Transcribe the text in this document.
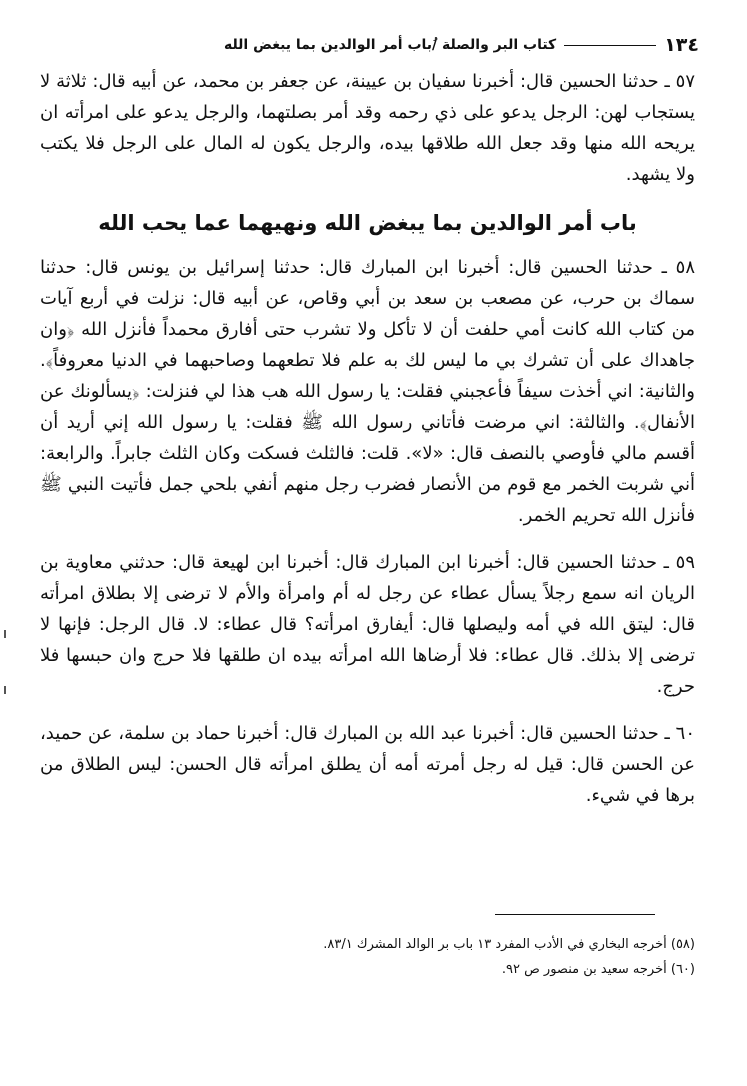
١٣٤
كتاب البر والصلة /ُباب أمر الوالدين بما يبغض الله

٥٧ ـ حدثنا الحسين قال: أخبرنا سفيان بن عيينة، عن جعفر بن محمد، عن أبيه قال: ثلاثة لا يستجاب لهن: الرجل يدعو على ذي رحمه وقد أمر بصلتهما، والرجل يدعو على امرأته ان يريحه الله منها وقد جعل الله طلاقها بيده، والرجل يكون له المال على الرجل فلا يكتب ولا يشهد.

باب أمر الوالدين بما يبغض الله ونهيهما عما يحب الله

٥٨ ـ حدثنا الحسين قال: أخبرنا ابن المبارك قال: حدثنا إسرائيل بن يونس قال: حدثنا سماك بن حرب، عن مصعب بن سعد بن أبي وقاص، عن أبيه قال: نزلت في أربع آيات من كتاب الله كانت أمي حلفت أن لا تأكل ولا تشرب حتى أفارق محمداً فأنزل الله ﴿وان جاهداك على أن تشرك بي ما ليس لك به علم فلا تطعهما وصاحبهما في الدنيا معروفاً﴾. والثانية: اني أخذت سيفاً فأعجبني فقلت: يا رسول الله هب هذا لي فنزلت: ﴿يسألونك عن الأنفال﴾. والثالثة: اني مرضت فأتاني رسول الله ﷺ فقلت: يا رسول الله إني أريد أن أقسم مالي فأوصي بالنصف قال: «لا». قلت: فالثلث فسكت وكان الثلث جابراً. والرابعة: أني شربت الخمر مع قوم من الأنصار فضرب رجل منهم أنفي بلحي جمل فأتيت النبي ﷺ فأنزل الله تحريم الخمر.

٥٩ ـ حدثنا الحسين قال: أخبرنا ابن المبارك قال: أخبرنا ابن لهيعة قال: حدثني معاوية بن الريان انه سمع رجلاً يسأل عطاء عن رجل له أم وامرأة والأم لا ترضى إلا بطلاق امرأته قال: ليتق الله في أمه وليصلها قال: أيفارق امرأته؟ قال عطاء: لا. قال الرجل: فإنها لا ترضى إلا بذلك. قال عطاء: فلا أرضاها الله امرأته بيده ان طلقها فلا حرج وان حبسها فلا حرج.

٦٠ ـ حدثنا الحسين قال: أخبرنا عبد الله بن المبارك قال: أخبرنا حماد بن سلمة، عن حميد، عن الحسن قال: قيل له رجل أمرته أمه أن يطلق امرأته قال الحسن: ليس الطلاق من برها في شيء.

(٥٨) أخرجه البخاري في الأدب المفرد ١٣ باب بر الوالد المشرك ٨٣/١.
(٦٠) أخرجه سعيد بن منصور ص ٩٢.
